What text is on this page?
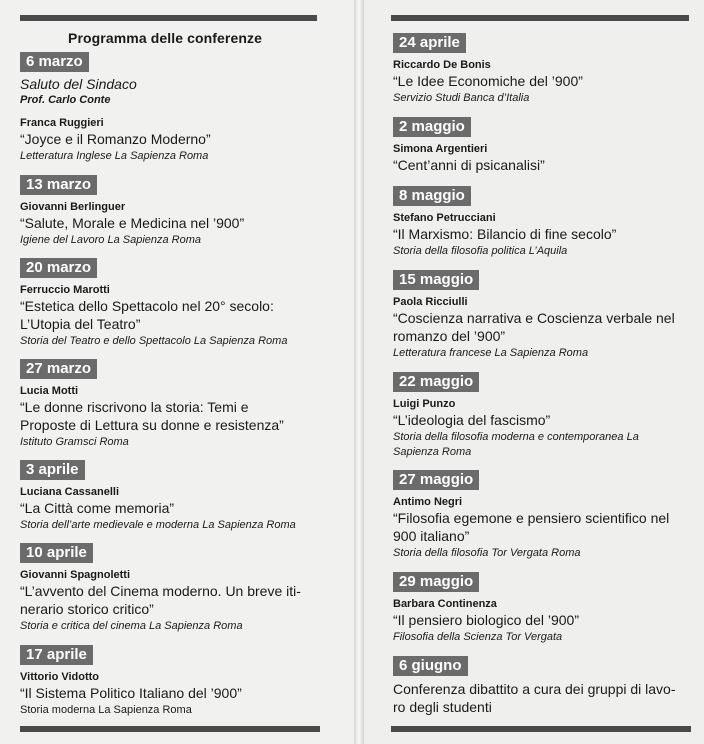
Programma delle conferenze
6 marzo
Saluto del Sindaco
Prof. Carlo Conte
Franca Ruggieri
“Joyce e il Romanzo Moderno”
Letteratura Inglese La Sapienza Roma
13 marzo
Giovanni Berlinguer
“Salute, Morale e Medicina nel ’900”
Igiene del Lavoro La Sapienza Roma
20 marzo
Ferruccio Marotti
“Estetica dello Spettacolo nel 20° secolo:
L’Utopia del Teatro”
Storia del Teatro e dello Spettacolo La Sapienza Roma
27 marzo
Lucia Motti
“Le donne riscrivono la storia: Temi e
Proposte di Lettura su donne e resistenza”
Istituto Gramsci Roma
3 aprile
Luciana Cassanelli
“La Città come memoria”
Storia dell’arte medievale e moderna La Sapienza Roma
10 aprile
Giovanni Spagnoletti
“L’avvento del Cinema moderno. Un breve iti-
nerario storico critico”
Storia e critica del cinema La Sapienza Roma
17 aprile
Vittorio Vidotto
“Il Sistema Politico Italiano del ’900”
Storia moderna La Sapienza Roma
24 aprile
Riccardo De Bonis
“Le Idee Economiche del ’900”
Servizio Studi Banca d’Italia
2 maggio
Simona Argentieri
“Cent’anni di psicanalisi”
8 maggio
Stefano Petrucciani
“Il Marxismo: Bilancio di fine secolo”
Storia della filosofia politica L’Aquila
15 maggio
Paola Ricciulli
“Coscienza narrativa e Coscienza verbale nel
romanzo del ’900”
Letteratura francese La Sapienza Roma
22 maggio
Luigi Punzo
“L’ideologia del fascismo”
Storia della filosofia moderna e contemporanea La
Sapienza Roma
27 maggio
Antimo Negri
“Filosofia egemone e pensiero scientifico nel
900 italiano”
Storia della filosofia Tor Vergata Roma
29 maggio
Barbara Continenza
“Il pensiero biologico del ’900”
Filosofia della Scienza Tor Vergata
6 giugno
Conferenza dibattito a cura dei gruppi di lavo-
ro degli studenti
